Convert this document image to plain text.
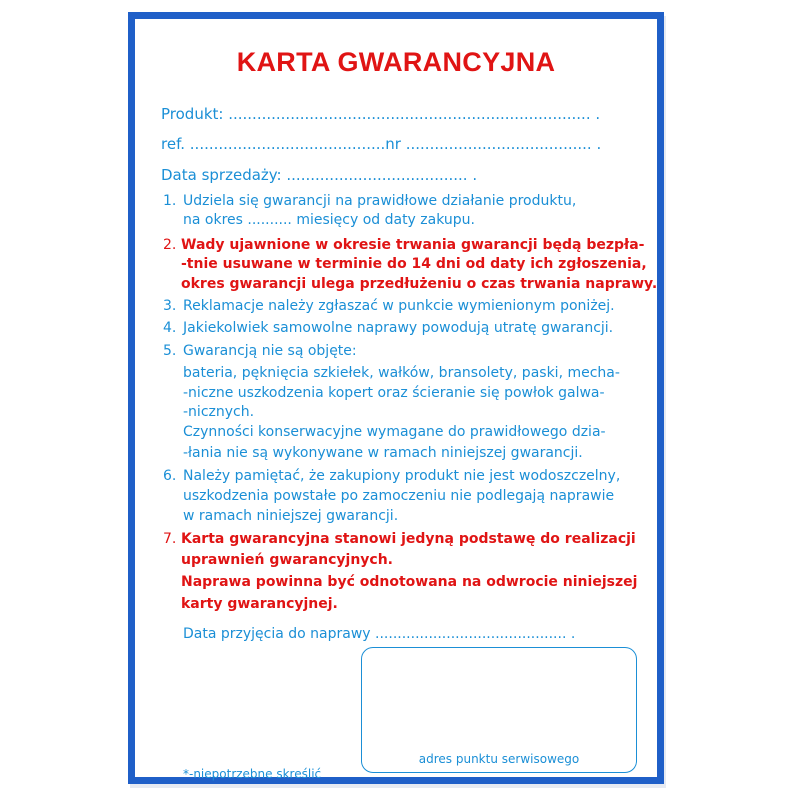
KARTA GWARANCYJNA
Produkt: ............................................................................ .
ref. .........................................nr ....................................... .
Data sprzedaży: ...................................... .
1. Udziela się gwarancji na prawidłowe działanie produktu,
na okres .......... miesięcy od daty zakupu.
2. Wady ujawnione w okresie trwania gwarancji będą bezpła-
-tnie usuwane w terminie do 14 dni od daty ich zgłoszenia,
okres gwarancji ulega przedłużeniu o czas trwania naprawy.
3. Reklamacje należy zgłaszać w punkcie wymienionym poniżej.
4. Jakiekolwiek samowolne naprawy powodują utratę gwarancji.
5. Gwarancją nie są objęte:
bateria, pęknięcia szkiełek, wałków, bransolety, paski, mecha-
-niczne uszkodzenia kopert oraz ścieranie się powłok galwa-
-nicznych.
Czynności konserwacyjne wymagane do prawidłowego dzia-
-łania nie są wykonywane w ramach niniejszej gwarancji.
6. Należy pamiętać, że zakupiony produkt nie jest wodoszczelny,
uszkodzenia powstałe po zamoczeniu nie podlegają naprawie
w ramach niniejszej gwarancji.
7. Karta gwarancyjna stanowi jedyną podstawę do realizacji
uprawnień gwarancyjnych.
Naprawa powinna być odnotowana na odwrocie niniejszej
karty gwarancyjnej.
Data przyjęcia do naprawy ........................................... .
adres punktu serwisowego
*-niepotrzebne skreślić
